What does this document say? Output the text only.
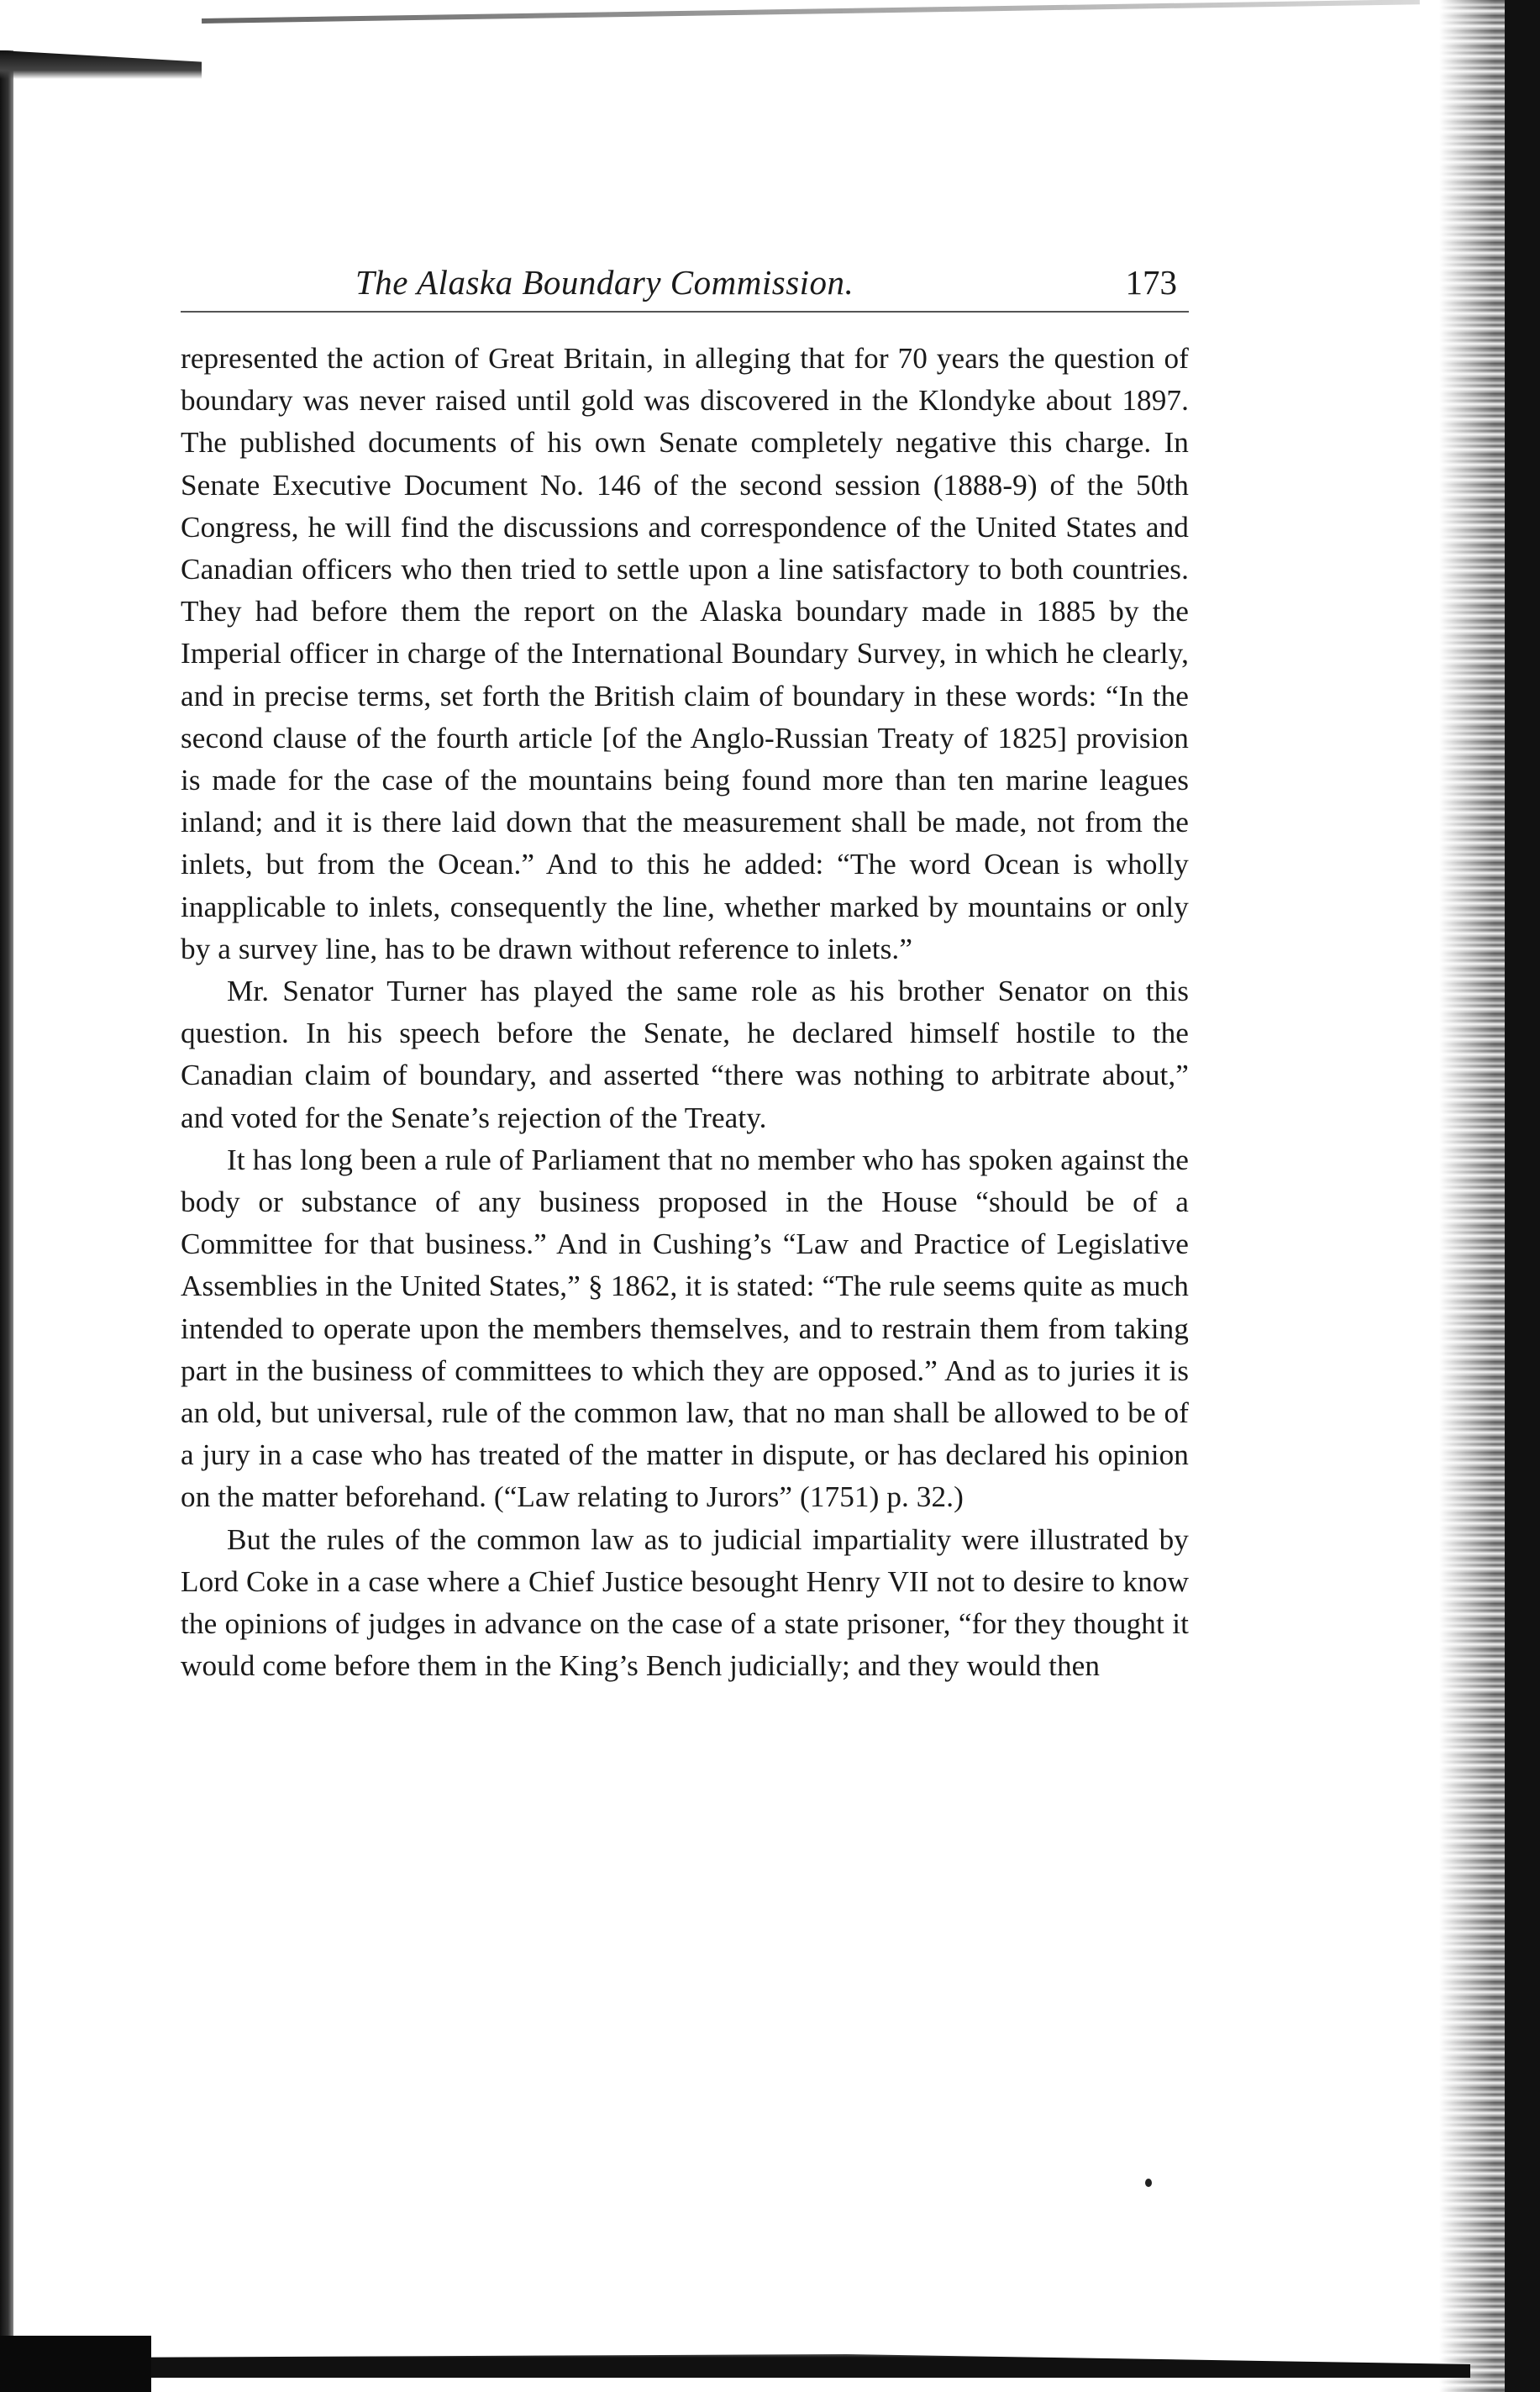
The Alaska Boundary Commission.	173

represented the action of Great Britain, in alleging that for 70 years the question of boundary was never raised until gold was discovered in the Klondyke about 1897. The published documents of his own Senate completely negative this charge. In Senate Executive Document No. 146 of the second session (1888-9) of the 50th Congress, he will find the discussions and correspondence of the United States and Canadian officers who then tried to settle upon a line satisfactory to both countries. They had before them the report on the Alaska boundary made in 1885 by the Imperial officer in charge of the International Boundary Survey, in which he clearly, and in precise terms, set forth the British claim of boundary in these words: “In the second clause of the fourth article [of the Anglo-Russian Treaty of 1825] provision is made for the case of the mountains being found more than ten marine leagues inland; and it is there laid down that the measurement shall be made, not from the inlets, but from the Ocean.” And to this he added: “The word Ocean is wholly inapplicable to inlets, consequently the line, whether marked by mountains or only by a survey line, has to be drawn without reference to inlets.”

Mr. Senator Turner has played the same role as his brother Senator on this question. In his speech before the Senate, he declared himself hostile to the Canadian claim of boundary, and asserted “there was nothing to arbitrate about,” and voted for the Senate’s rejection of the Treaty.

It has long been a rule of Parliament that no member who has spoken against the body or substance of any business proposed in the House “should be of a Committee for that business.” And in Cushing’s “Law and Practice of Legislative Assemblies in the United States,” § 1862, it is stated: “The rule seems quite as much intended to operate upon the members themselves, and to restrain them from taking part in the business of committees to which they are opposed.” And as to juries it is an old, but universal, rule of the common law, that no man shall be allowed to be of a jury in a case who has treated of the matter in dispute, or has declared his opinion on the matter beforehand. (“Law relating to Jurors” (1751) p. 32.)

But the rules of the common law as to judicial impartiality were illustrated by Lord Coke in a case where a Chief Justice besought Henry VII not to desire to know the opinions of judges in advance on the case of a state prisoner, “for they thought it would come before them in the King’s Bench judicially; and they would then
